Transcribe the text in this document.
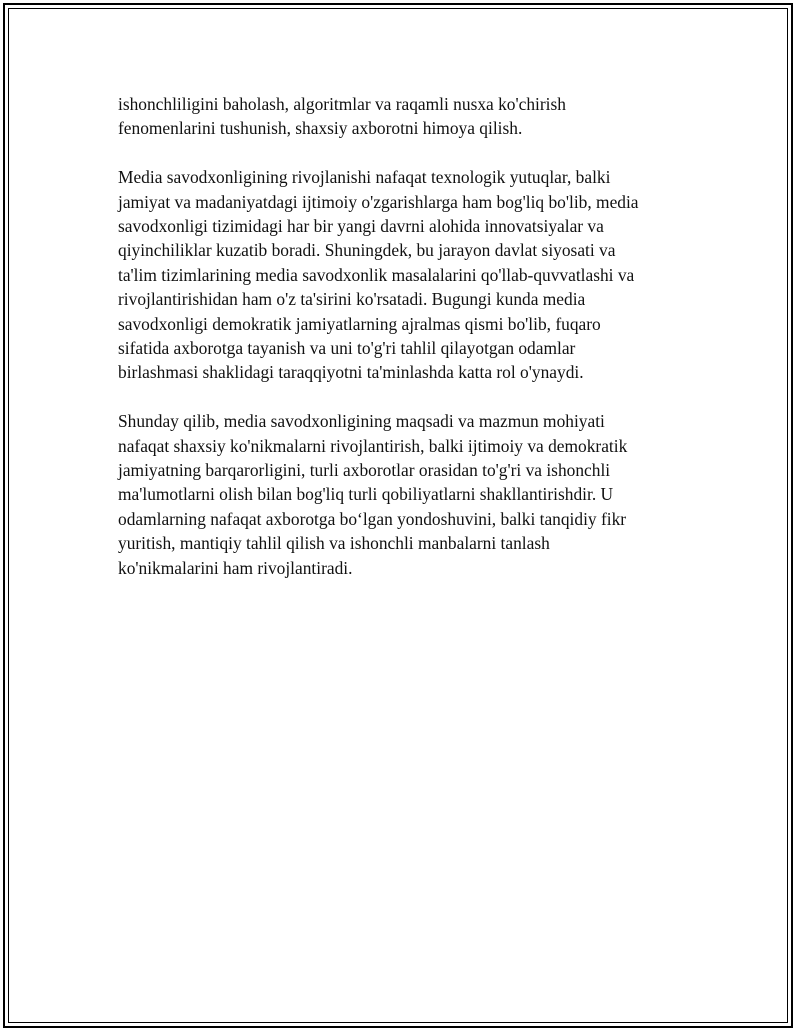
ishonchliligini baholash, algoritmlar va raqamli nusxa ko'chirish
fenomenlarini tushunish, shaxsiy axborotni himoya qilish.

Media savodxonligining rivojlanishi nafaqat texnologik yutuqlar, balki
jamiyat va madaniyatdagi ijtimoiy o'zgarishlarga ham bog'liq bo'lib, media
savodxonligi tizimidagi har bir yangi davrni alohida innovatsiyalar va
qiyinchiliklar kuzatib boradi. Shuningdek, bu jarayon davlat siyosati va
ta'lim tizimlarining media savodxonlik masalalarini qo'llab-quvvatlashi va
rivojlantirishidan ham o'z ta'sirini ko'rsatadi. Bugungi kunda media
savodxonligi demokratik jamiyatlarning ajralmas qismi bo'lib, fuqaro
sifatida axborotga tayanish va uni to'g'ri tahlil qilayotgan odamlar
birlashmasi shaklidagi taraqqiyotni ta'minlashda katta rol o'ynaydi.

Shunday qilib, media savodxonligining maqsadi va mazmun mohiyati
nafaqat shaxsiy ko'nikmalarni rivojlantirish, balki ijtimoiy va demokratik
jamiyatning barqarorligini, turli axborotlar orasidan to'g'ri va ishonchli
ma'lumotlarni olish bilan bog'liq turli qobiliyatlarni shakllantirishdir. U
odamlarning nafaqat axborotga bo‘lgan yondoshuvini, balki tanqidiy fikr
yuritish, mantiqiy tahlil qilish va ishonchli manbalarni tanlash
ko'nikmalarini ham rivojlantiradi.
